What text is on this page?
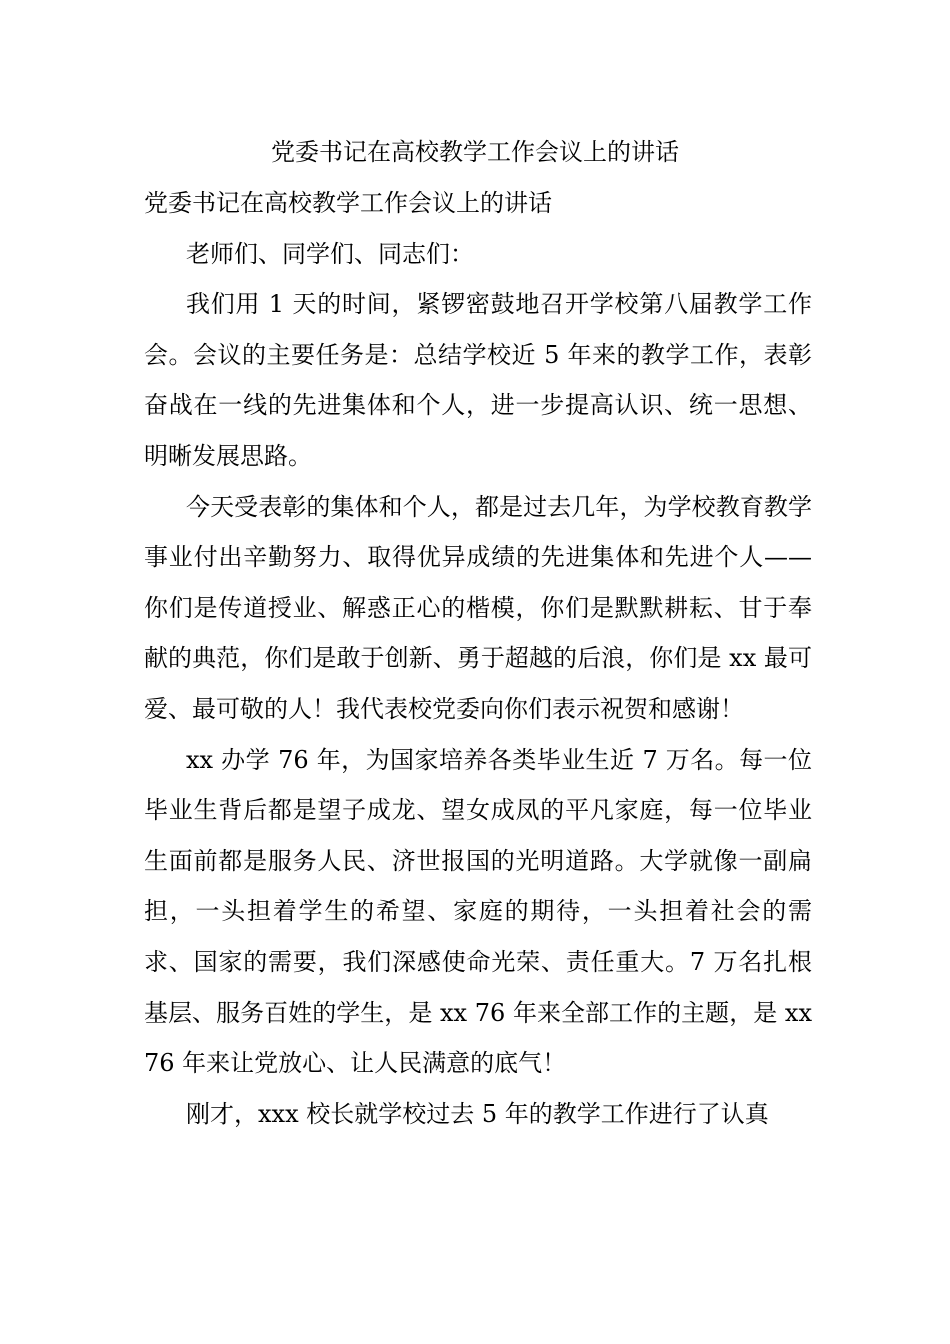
党委书记在高校教学工作会议上的讲话

党委书记在高校教学工作会议上的讲话

老师们、同学们、同志们：

我们用 1 天的时间，紧锣密鼓地召开学校第八届教学工作会。会议的主要任务是：总结学校近 5 年来的教学工作，表彰奋战在一线的先进集体和个人，进一步提高认识、统一思想、明晰发展思路。

今天受表彰的集体和个人，都是过去几年，为学校教育教学事业付出辛勤努力、取得优异成绩的先进集体和先进个人——你们是传道授业、解惑正心的楷模，你们是默默耕耘、甘于奉献的典范，你们是敢于创新、勇于超越的后浪，你们是 xx 最可爱、最可敬的人！我代表校党委向你们表示祝贺和感谢！

xx 办学 76 年，为国家培养各类毕业生近 7 万名。每一位毕业生背后都是望子成龙、望女成凤的平凡家庭，每一位毕业生面前都是服务人民、济世报国的光明道路。大学就像一副扁担，一头担着学生的希望、家庭的期待，一头担着社会的需求、国家的需要，我们深感使命光荣、责任重大。7 万名扎根基层、服务百姓的学生，是 xx 76 年来全部工作的主题，是 xx 76 年来让党放心、让人民满意的底气！

刚才，xxx 校长就学校过去 5 年的教学工作进行了认真
